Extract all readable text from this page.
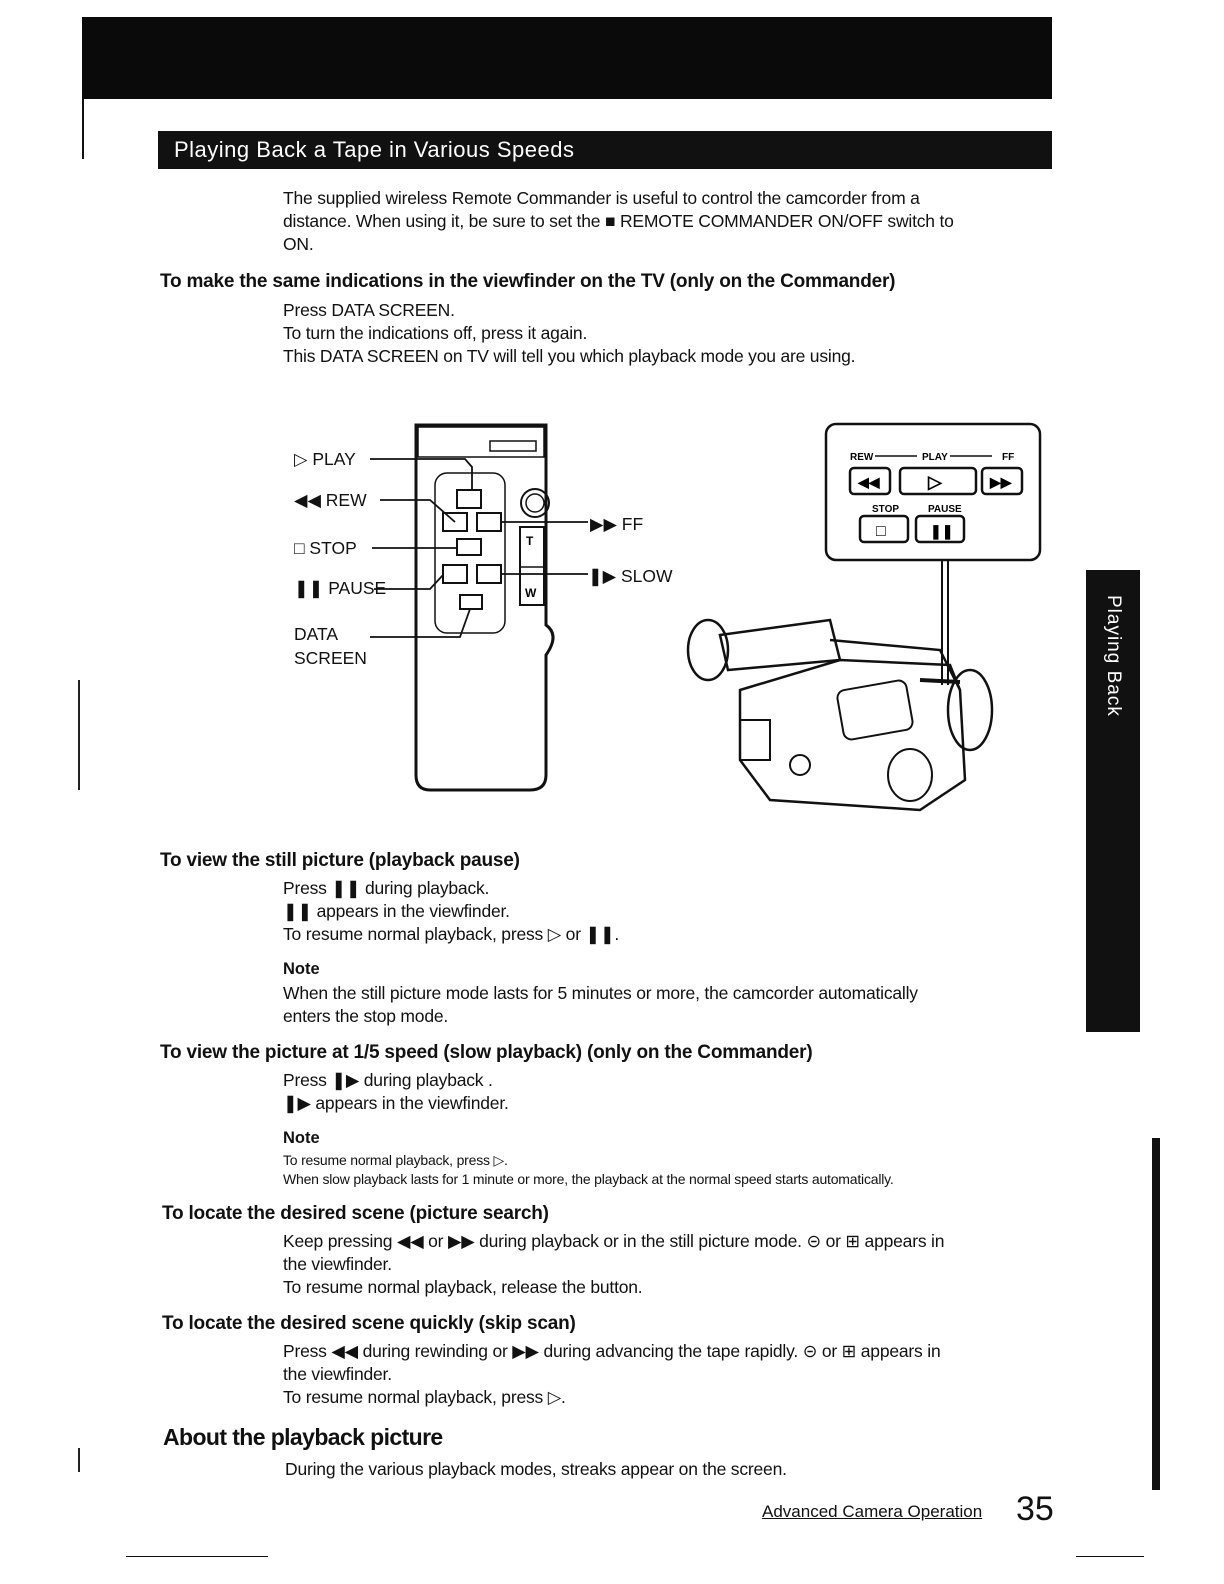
Playing Back a Tape in Various Speeds
Playing Back

The supplied wireless Remote Commander is useful to control the camcorder from a

distance. When using it, be sure to set the ■ REMOTE COMMANDER ON/OFF switch to

ON.

To make the same indications in the viewfinder on the TV (only on the Commander)

Press DATA SCREEN.

To turn the indications off, press it again.

This DATA SCREEN on TV will tell you which playback mode you are using.

▷ PLAY
◀◀ REW
□ STOP
❚❚ PAUSE
DATA
SCREEN
▶▶ FF
❚▶ SLOW
T
W
REW	PLAY	FF
◀◀	▷	▶▶
STOP	PAUSE
□	❚❚
To view the still picture (playback pause)

Press ❚❚ during playback.

❚❚ appears in the viewfinder.

To resume normal playback, press ▷ or ❚❚.

Note

When the still picture mode lasts for 5 minutes or more, the camcorder automatically

enters the stop mode.

To view the picture at 1/5 speed (slow playback) (only on the Commander)

Press ❚▶ during playback .

❚▶ appears in the viewfinder.

Note

To resume normal playback, press ▷.

When slow playback lasts for 1 minute or more, the playback at the normal speed starts automatically.

To locate the desired scene (picture search)

Keep pressing ◀◀ or ▶▶ during playback or in the still picture mode. ⊝ or ⊞ appears in

the viewfinder.

To resume normal playback, release the button.

To locate the desired scene quickly (skip scan)

Press ◀◀ during rewinding or ▶▶ during advancing the tape rapidly. ⊝ or ⊞ appears in

the viewfinder.

To resume normal playback, press ▷.

About the playback picture

During the various playback modes, streaks appear on the screen.

Advanced Camera Operation 35
